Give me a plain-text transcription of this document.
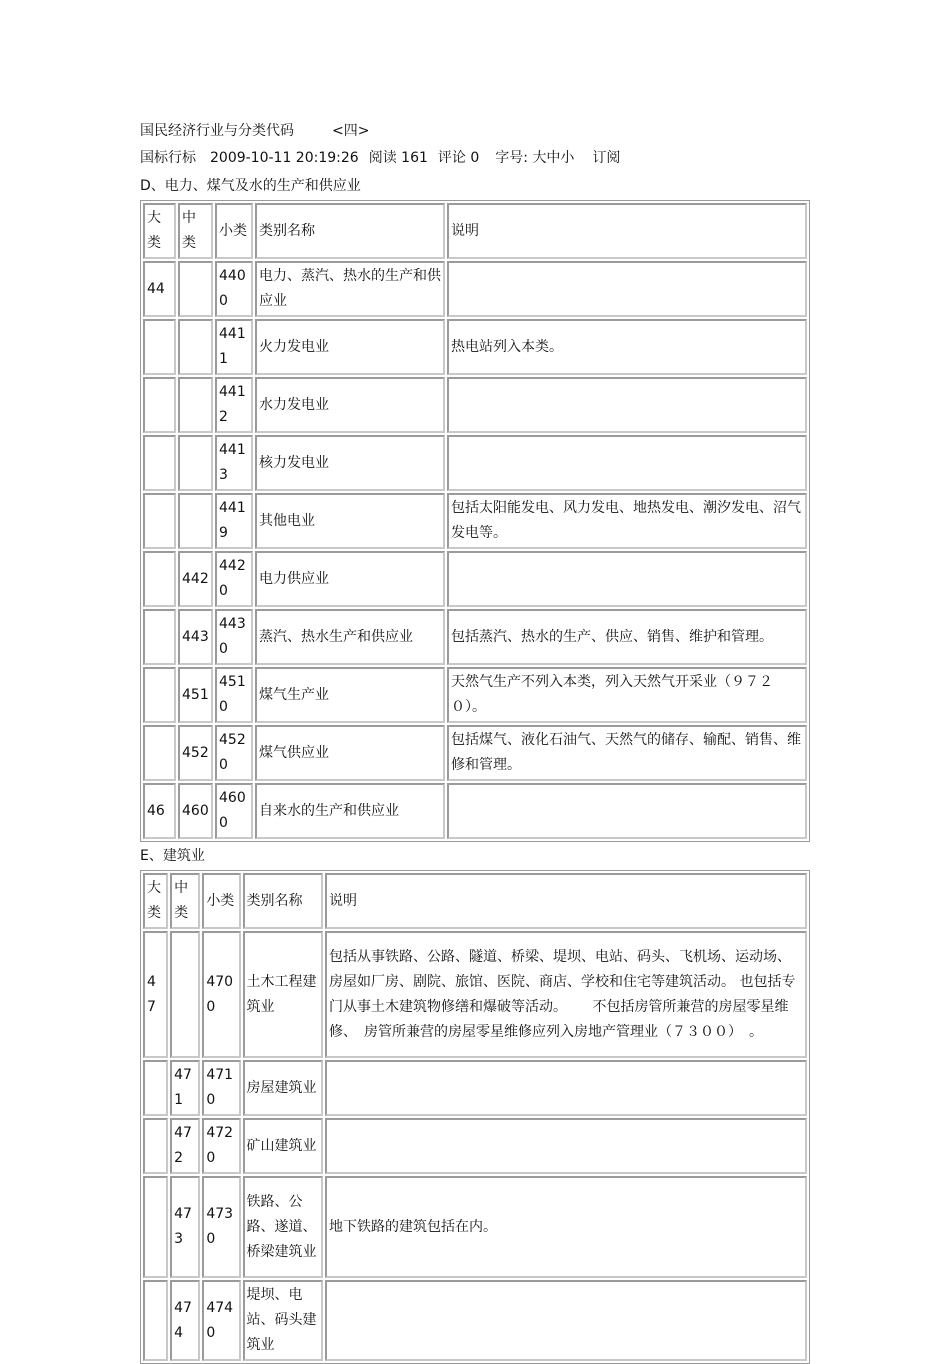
国民经济行业与分类代码	<四>
国标行标 2009-10-11 20:19:26 阅读 161 评论 0 字号: 大中小 订阅
D、电力、煤气及水的生产和供应业
大类	中类	小类	类别名称	说明
44		4400	电力、蒸汽、热水的生产和供应业	
		4411	火力发电业	热电站列入本类。
		4412	水力发电业	
		4413	核力发电业	
		4419	其他电业	包括太阳能发电、风力发电、地热发电、潮汐发电、沼气发电等。
	442	4420	电力供应业	
	443	4430	蒸汽、热水生产和供应业	包括蒸汽、热水的生产、供应、销售、维护和管理。
	451	4510	煤气生产业	天然气生产不列入本类，列入天然气开采业（９７２０）。
	452	4520	煤气供应业	包括煤气、液化石油气、天然气的储存、输配、销售、维修和管理。
46	460	4600	自来水的生产和供应业	
E、建筑业
大类	中类	小类	类别名称	说明
47		4700	土木工程建筑业	包括从事铁路、公路、隧道、桥梁、堤坝、电站、码头、飞机场、运动场、房屋如厂房、剧院、旅馆、医院、商店、学校和住宅等建筑活动。 也包括专门从事土木建筑物修缮和爆破等活动。　　 不包括房管所兼营的房屋零星维修、　房管所兼营的房屋零星维修应列入房地产管理业（７３００）　。
	471	4710	房屋建筑业	
	472	4720	矿山建筑业	
	473	4730	铁路、公路、遂道、桥梁建筑业	地下铁路的建筑包括在内。
	474	4740	堤坝、电站、码头建筑业	
